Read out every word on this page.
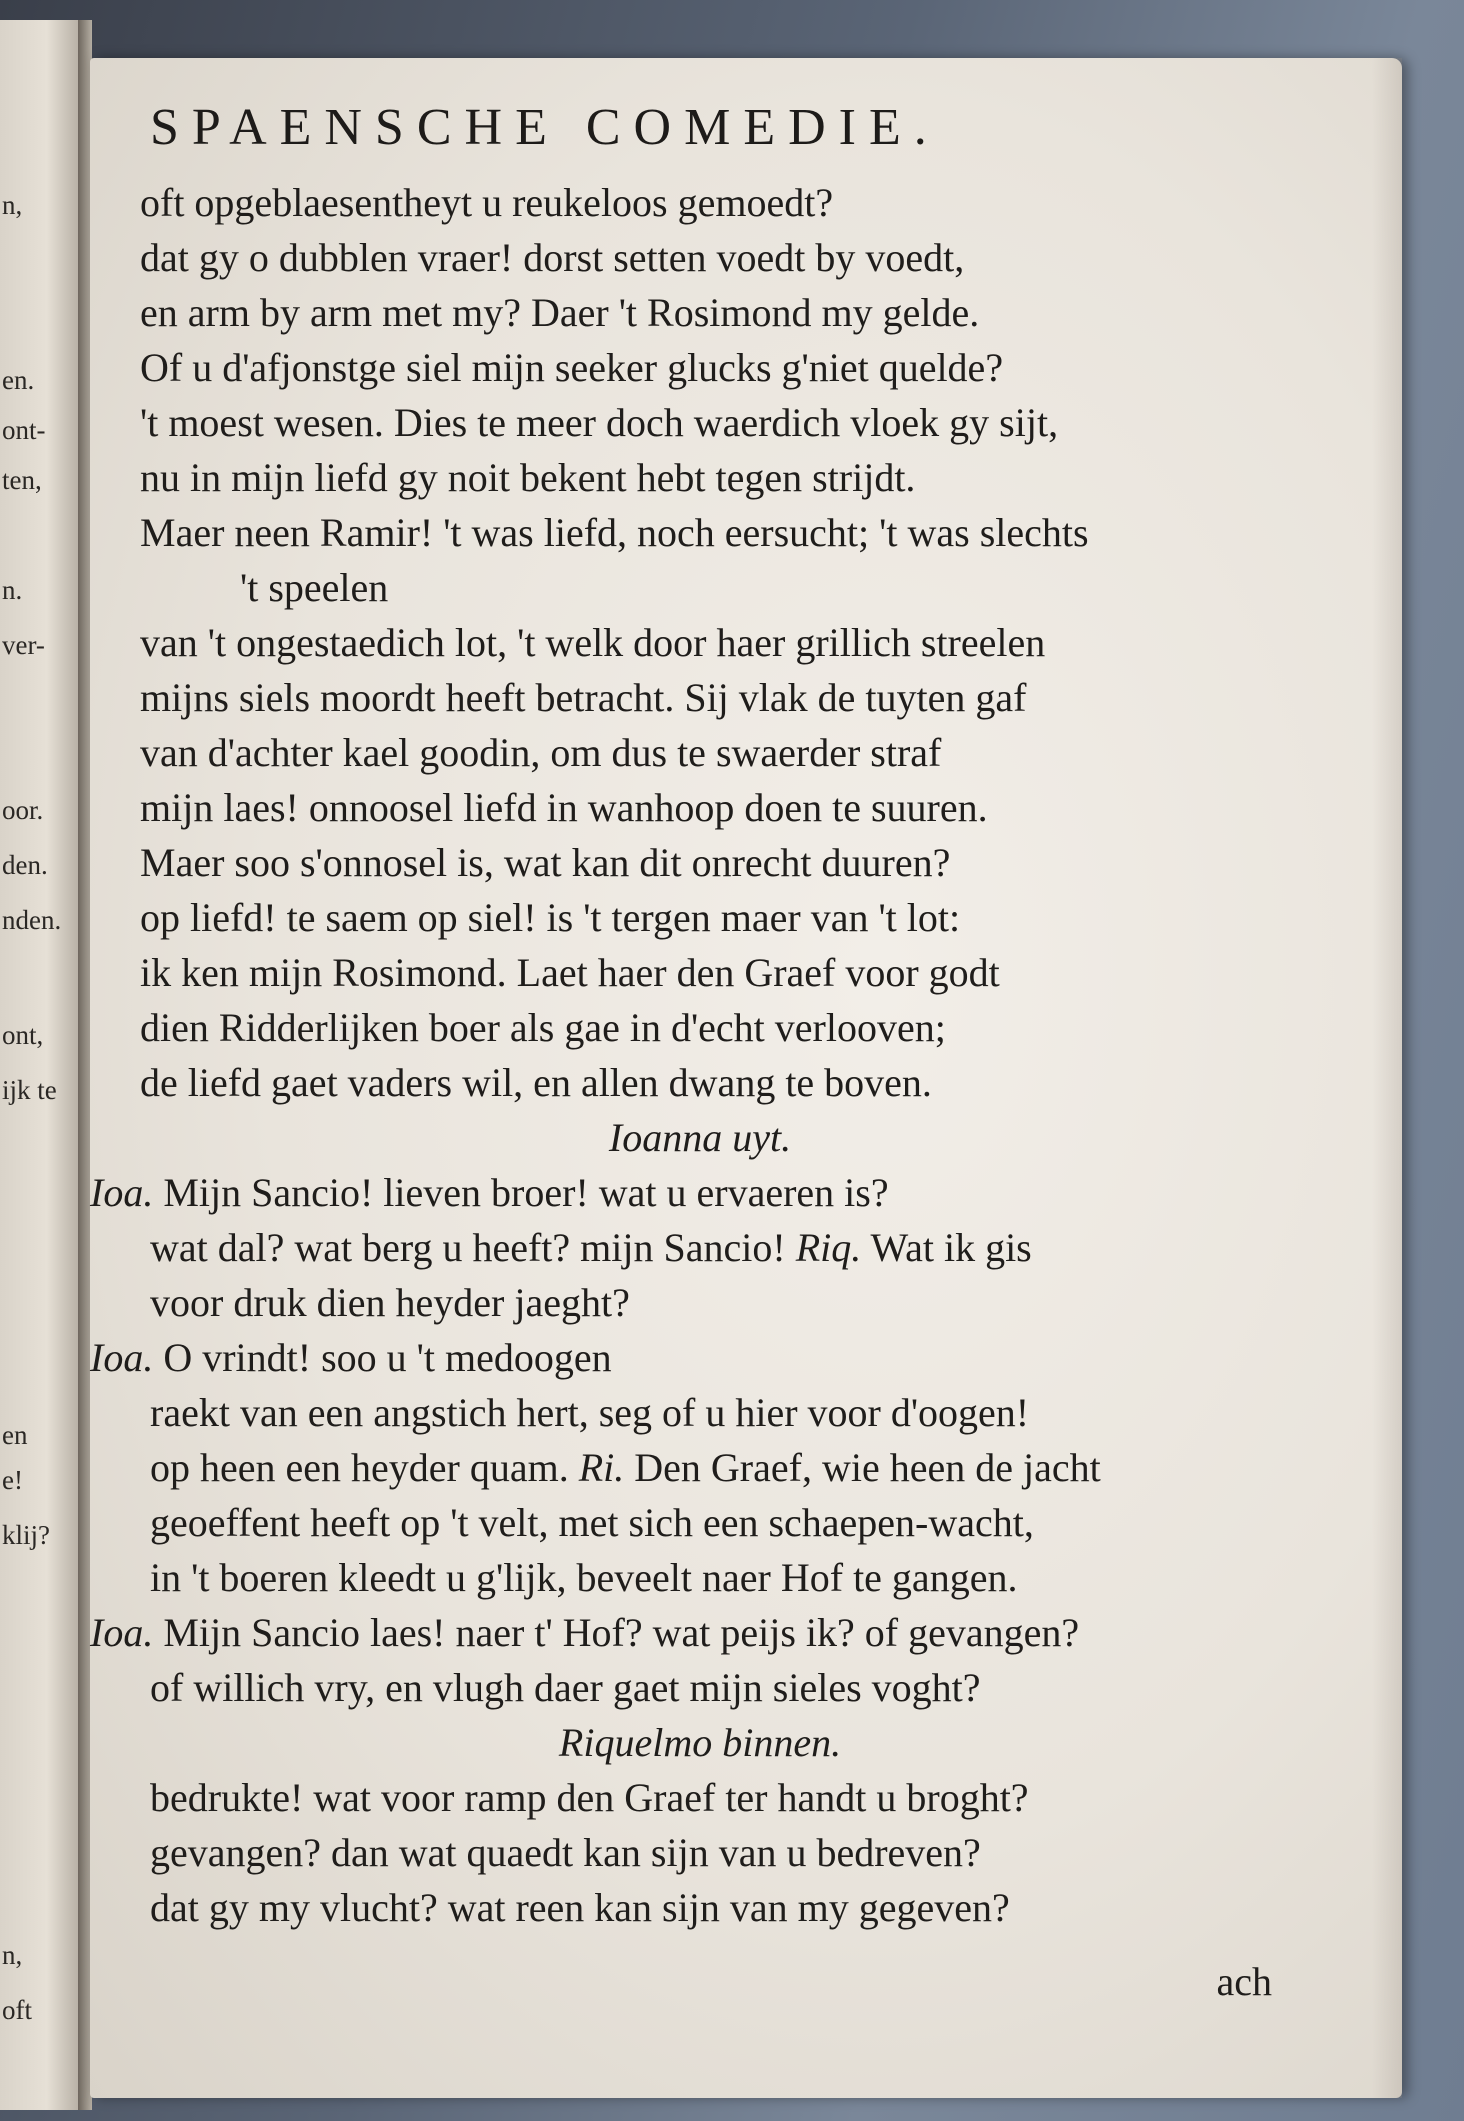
n,
en.
ont-
ten,
n.
ver-
oor.
den.
nden.
ont,
ijk te
en
e!
klij?
n,
oft
SPAENSCHE COMEDIE.
oft opgeblaesentheyt u reukeloos gemoedt?
dat gy o dubblen vraer! dorst setten voedt by voedt,
en arm by arm met my? Daer 't Rosimond my gelde.
Of u d'afjonstge siel mijn seeker glucks g'niet quelde?
't moest wesen. Dies te meer doch waerdich vloek gy sijt,
nu in mijn liefd gy noit bekent hebt tegen strijdt.
Maer neen Ramir! 't was liefd, noch eersucht; 't was slechts
't speelen
van 't ongestaedich lot, 't welk door haer grillich streelen
mijns siels moordt heeft betracht. Sij vlak de tuyten gaf
van d'achter kael goodin, om dus te swaerder straf
mijn laes! onnoosel liefd in wanhoop doen te suuren.
Maer soo s'onnosel is, wat kan dit onrecht duuren?
op liefd! te saem op siel! is 't tergen maer van 't lot:
ik ken mijn Rosimond. Laet haer den Graef voor godt
dien Ridderlijken boer als gae in d'echt verlooven;
de liefd gaet vaders wil, en allen dwang te boven.
Ioanna uyt.
Ioa. Mijn Sancio! lieven broer! wat u ervaeren is?
wat dal? wat berg u heeft? mijn Sancio! Riq. Wat ik gis
voor druk dien heyder jaeght?
Ioa. O vrindt! soo u 't medoogen
raekt van een angstich hert, seg of u hier voor d'oogen!
op heen een heyder quam. Ri. Den Graef, wie heen de jacht
geoeffent heeft op 't velt, met sich een schaepen-wacht,
in 't boeren kleedt u g'lijk, beveelt naer Hof te gangen.
Ioa. Mijn Sancio laes! naer t' Hof? wat peijs ik? of gevangen?
of willich vry, en vlugh daer gaet mijn sieles voght?
Riquelmo binnen.
bedrukte! wat voor ramp den Graef ter handt u broght?
gevangen? dan wat quaedt kan sijn van u bedreven?
dat gy my vlucht? wat reen kan sijn van my gegeven?
ach
